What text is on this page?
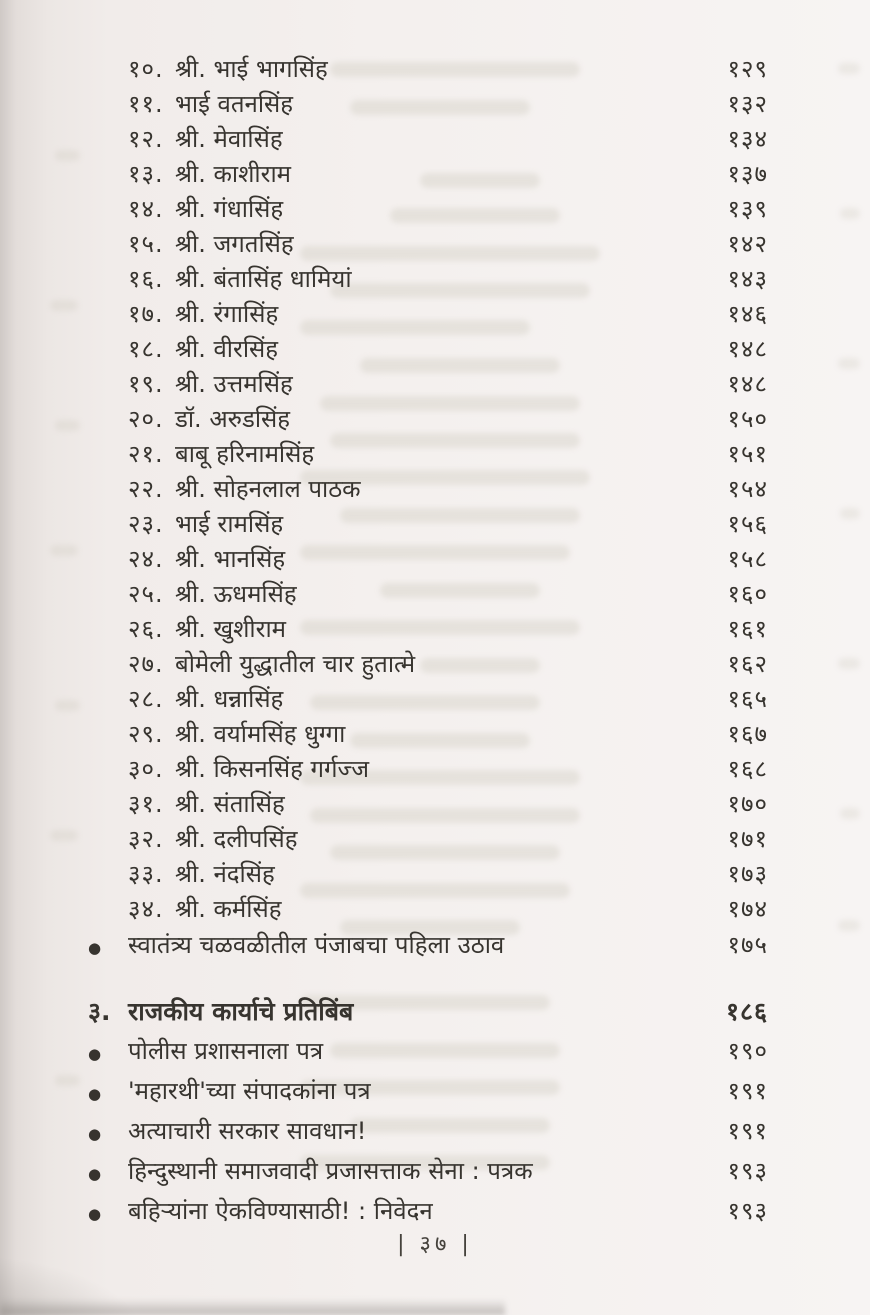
१०. श्री. भाई भागसिंह	१२९
११. भाई वतनसिंह	१३२
१२. श्री. मेवासिंह	१३४
१३. श्री. काशीराम	१३७
१४. श्री. गंधासिंह	१३९
१५. श्री. जगतसिंह	१४२
१६. श्री. बंतासिंह धामियां	१४३
१७. श्री. रंगासिंह	१४६
१८. श्री. वीरसिंह	१४८
१९. श्री. उत्तमसिंह	१४८
२०. डॉ. अरुडसिंह	१५०
२१. बाबू हरिनामसिंह	१५१
२२. श्री. सोहनलाल पाठक	१५४
२३. भाई रामसिंह	१५६
२४. श्री. भानसिंह	१५८
२५. श्री. ऊधमसिंह	१६०
२६. श्री. खुशीराम	१६१
२७. बोमेली युद्धातील चार हुतात्मे	१६२
२८. श्री. धन्नासिंह	१६५
२९. श्री. वर्यामसिंह धुग्गा	१६७
३०. श्री. किसनसिंह गर्गज्ज	१६८
३१. श्री. संतासिंह	१७०
३२. श्री. दलीपसिंह	१७१
३३. श्री. नंदसिंह	१७३
३४. श्री. कर्मसिंह	१७४
●	स्वातंत्र्य चळवळीतील पंजाबचा पहिला उठाव	१७५
३. राजकीय कार्याचे प्रतिबिंब	१८६
●	पोलीस प्रशासनाला पत्र	१९०
●	'महारथी'च्या संपादकांना पत्र	१९१
●	अत्याचारी सरकार सावधान!	१९१
●	हिन्दुस्थानी समाजवादी प्रजासत्ताक सेना : पत्रक	१९३
●	बहिऱ्यांना ऐकविण्यासाठी! : निवेदन	१९३
| ३७ |
